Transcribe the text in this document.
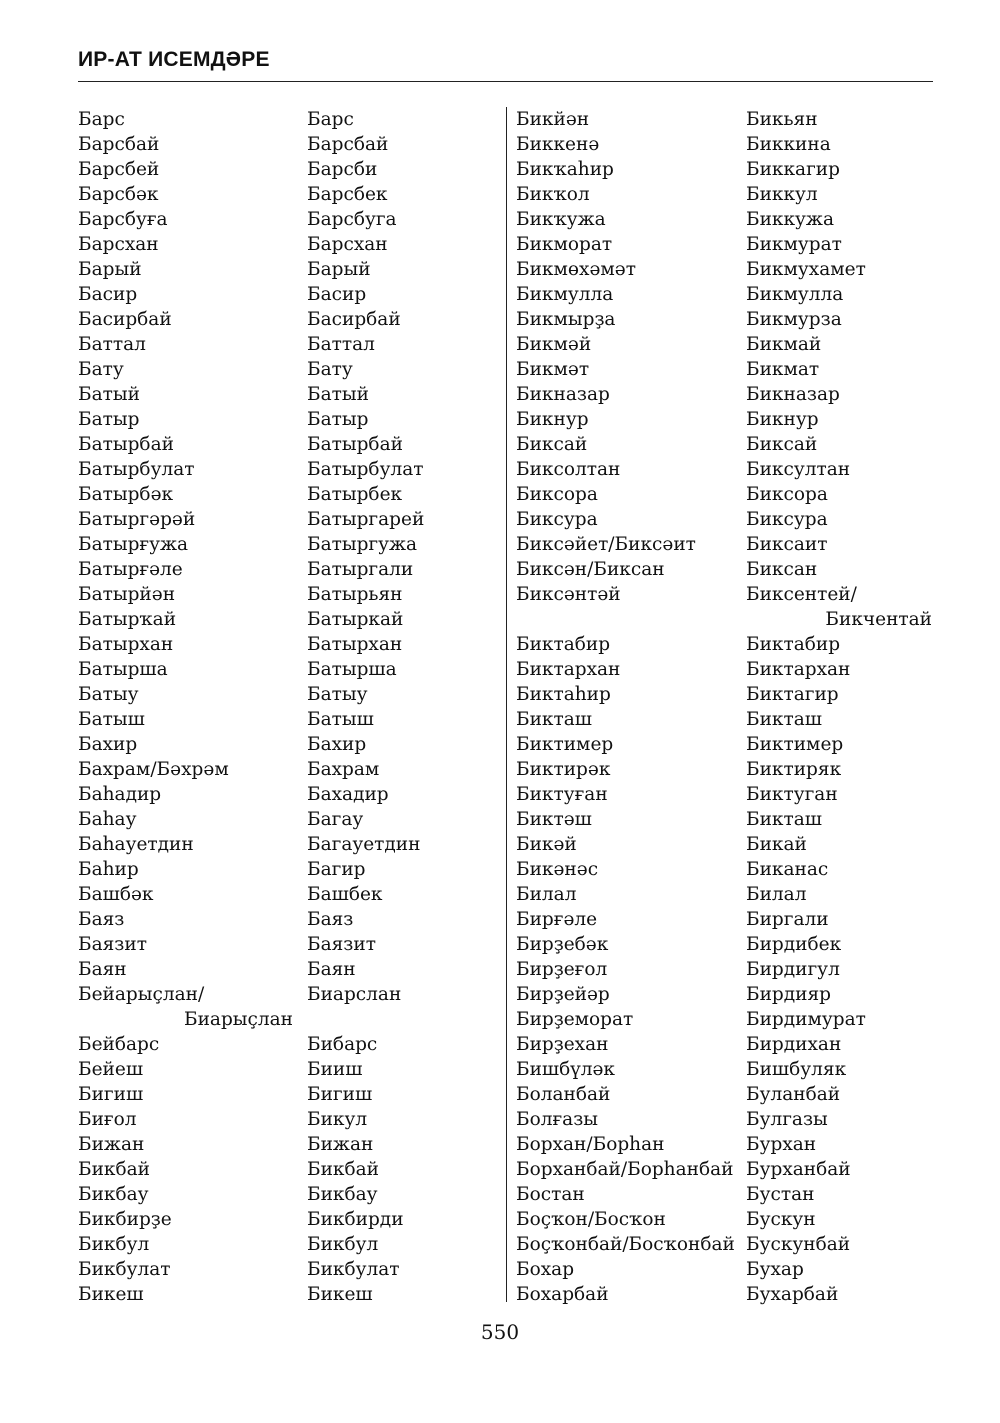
ИР-АТ ИСЕМДӘРЕ
Барс
Барсбай
Барсбей
Барсбәк
Барсбуға
Барсхан
Барый
Басир
Басирбай
Баттал
Бату
Батый
Батыр
Батырбай
Батырбулат
Батырбәк
Батыргәрәй
Батырғужа
Батырғәле
Батырйән
Батырҡай
Батырхан
Батырша
Батыу
Батыш
Бахир
Бахрам/Бәхрәм
Баһадир
Баһау
Баһауетдин
Баһир
Башбәк
Баяз
Баязит
Баян
Бейарыҫлан/
Биарыҫлан
Бейбарс
Бейеш
Бигиш
Биғол
Бижан
Бикбай
Бикбау
Бикбирҙе
Бикбул
Бикбулат
Бикеш
Барс
Барсбай
Барсби
Барсбек
Барсбуга
Барсхан
Барый
Басир
Басирбай
Баттал
Бату
Батый
Батыр
Батырбай
Батырбулат
Батырбек
Батыргарей
Батыргужа
Батыргали
Батырьян
Батыркай
Батырхан
Батырша
Батыу
Батыш
Бахир
Бахрам
Бахадир
Багау
Багауетдин
Багир
Башбек
Баяз
Баязит
Баян
Биарслан
Бибарс
Бииш
Бигиш
Бикул
Бижан
Бикбай
Бикбау
Бикбирди
Бикбул
Бикбулат
Бикеш
Бикйән
Биккенә
Бикҡаһир
Бикҡол
Бикҡужа
Бикморат
Бикмөхәмәт
Бикмулла
Бикмырҙа
Бикмәй
Бикмәт
Бикназар
Бикнур
Биксай
Биксолтан
Биксора
Биксура
Биксәйет/Биксәит
Биксән/Биксан
Биксәнтәй
Биктабир
Биктархан
Биктаһир
Бикташ
Биктимер
Биктирәк
Биктуған
Биктәш
Бикәй
Бикәнәс
Билал
Бирғәле
Бирҙебәк
Бирҙеғол
Бирҙейәр
Бирҙеморат
Бирҙехан
Бишбүләк
Боланбай
Болғазы
Борхан/Борһан
Борханбай/Борһанбай
Бостан
Боҫҡон/Босҡон
Боҫҡонбай/Босҡонбай
Бохар
Бохарбай
Бикьян
Биккина
Биккагир
Биккул
Биккужа
Бикмурат
Бикмухамет
Бикмулла
Бикмурза
Бикмай
Бикмат
Бикназар
Бикнур
Биксай
Биксултан
Биксора
Биксура
Биксаит
Биксан
Биксентей/
Бикчентай
Биктабир
Биктархан
Биктагир
Бикташ
Биктимер
Биктиряк
Биктуган
Бикташ
Бикай
Биканас
Билал
Биргали
Бирдибек
Бирдигул
Бирдияр
Бирдимурат
Бирдихан
Бишбуляк
Буланбай
Булгазы
Бурхан
Бурханбай
Бустан
Бускун
Бускунбай
Бухар
Бухарбай
550
